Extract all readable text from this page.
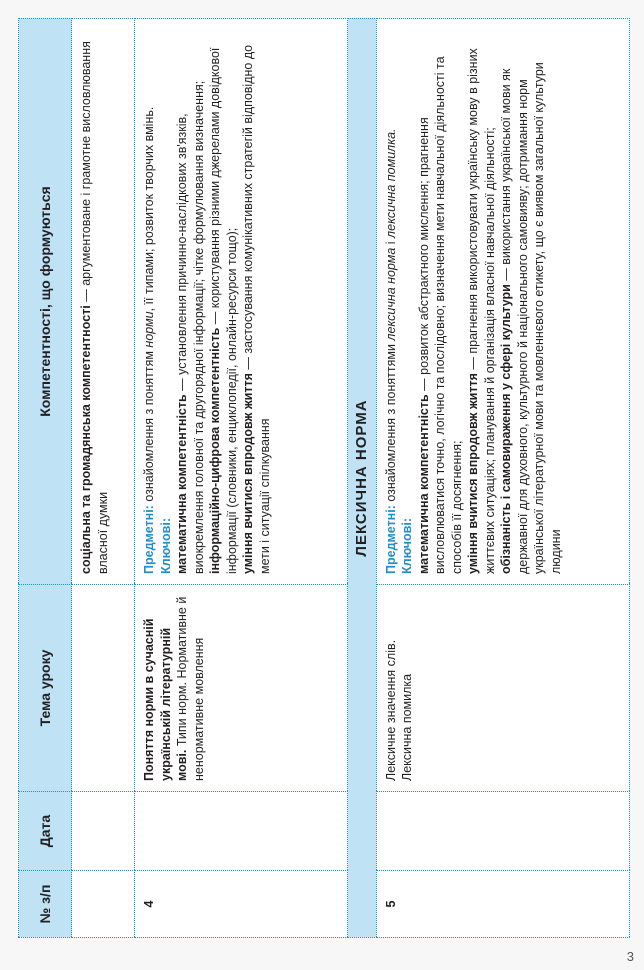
№ з/п	Дата	Тема уроку	Компетентності, що формуються
			соціальна та громадянська компетентності — аргументоване і грамотне висловлювання власної думки
4		Поняття норми в сучасній українській літературній мові. Типи норм. Нормативне й ненормативне мовлення	Предметні: ознайомлення з поняттям норми, її типами; розвиток творчих вмінь.

Ключові: математична компетентність — установлення причинно-наслідкових зв'язків, виокремлення головної та другорядної інформації; чітке формулювання визначення; інформаційно-цифрова компетентність — користування різними джерелами довідкової інформації (словники, енциклопедії, онлайн-ресурси тощо); уміння вчитися впродовж життя — застосування комунікативних стратегій відповідно до мети і ситуації спілкування

ЛЕКСИЧНА НОРМА			
5		Лексичне значення слів. Лексична помилка	Предметні: ознайомлення з поняттями лексична норма і лексична помилка.

Ключові: математична компетентність — розвиток абстрактного мислення; прагнення висловлюватися точно, логічно та послідовно; визначення мети навчальної діяльності та способів її досягнення; уміння вчитися впродовж життя — прагнення використовувати українську мову в різних життєвих ситуаціях; планування й організація власної навчальної діяльності; обізнаність і самовираження у сфері культури — використання української мови як державної для духовного, культурного й національного самовияву; дотримання норм української літературної мови та мовленнєвого етикету, що є виявом загальної культури людини

3
